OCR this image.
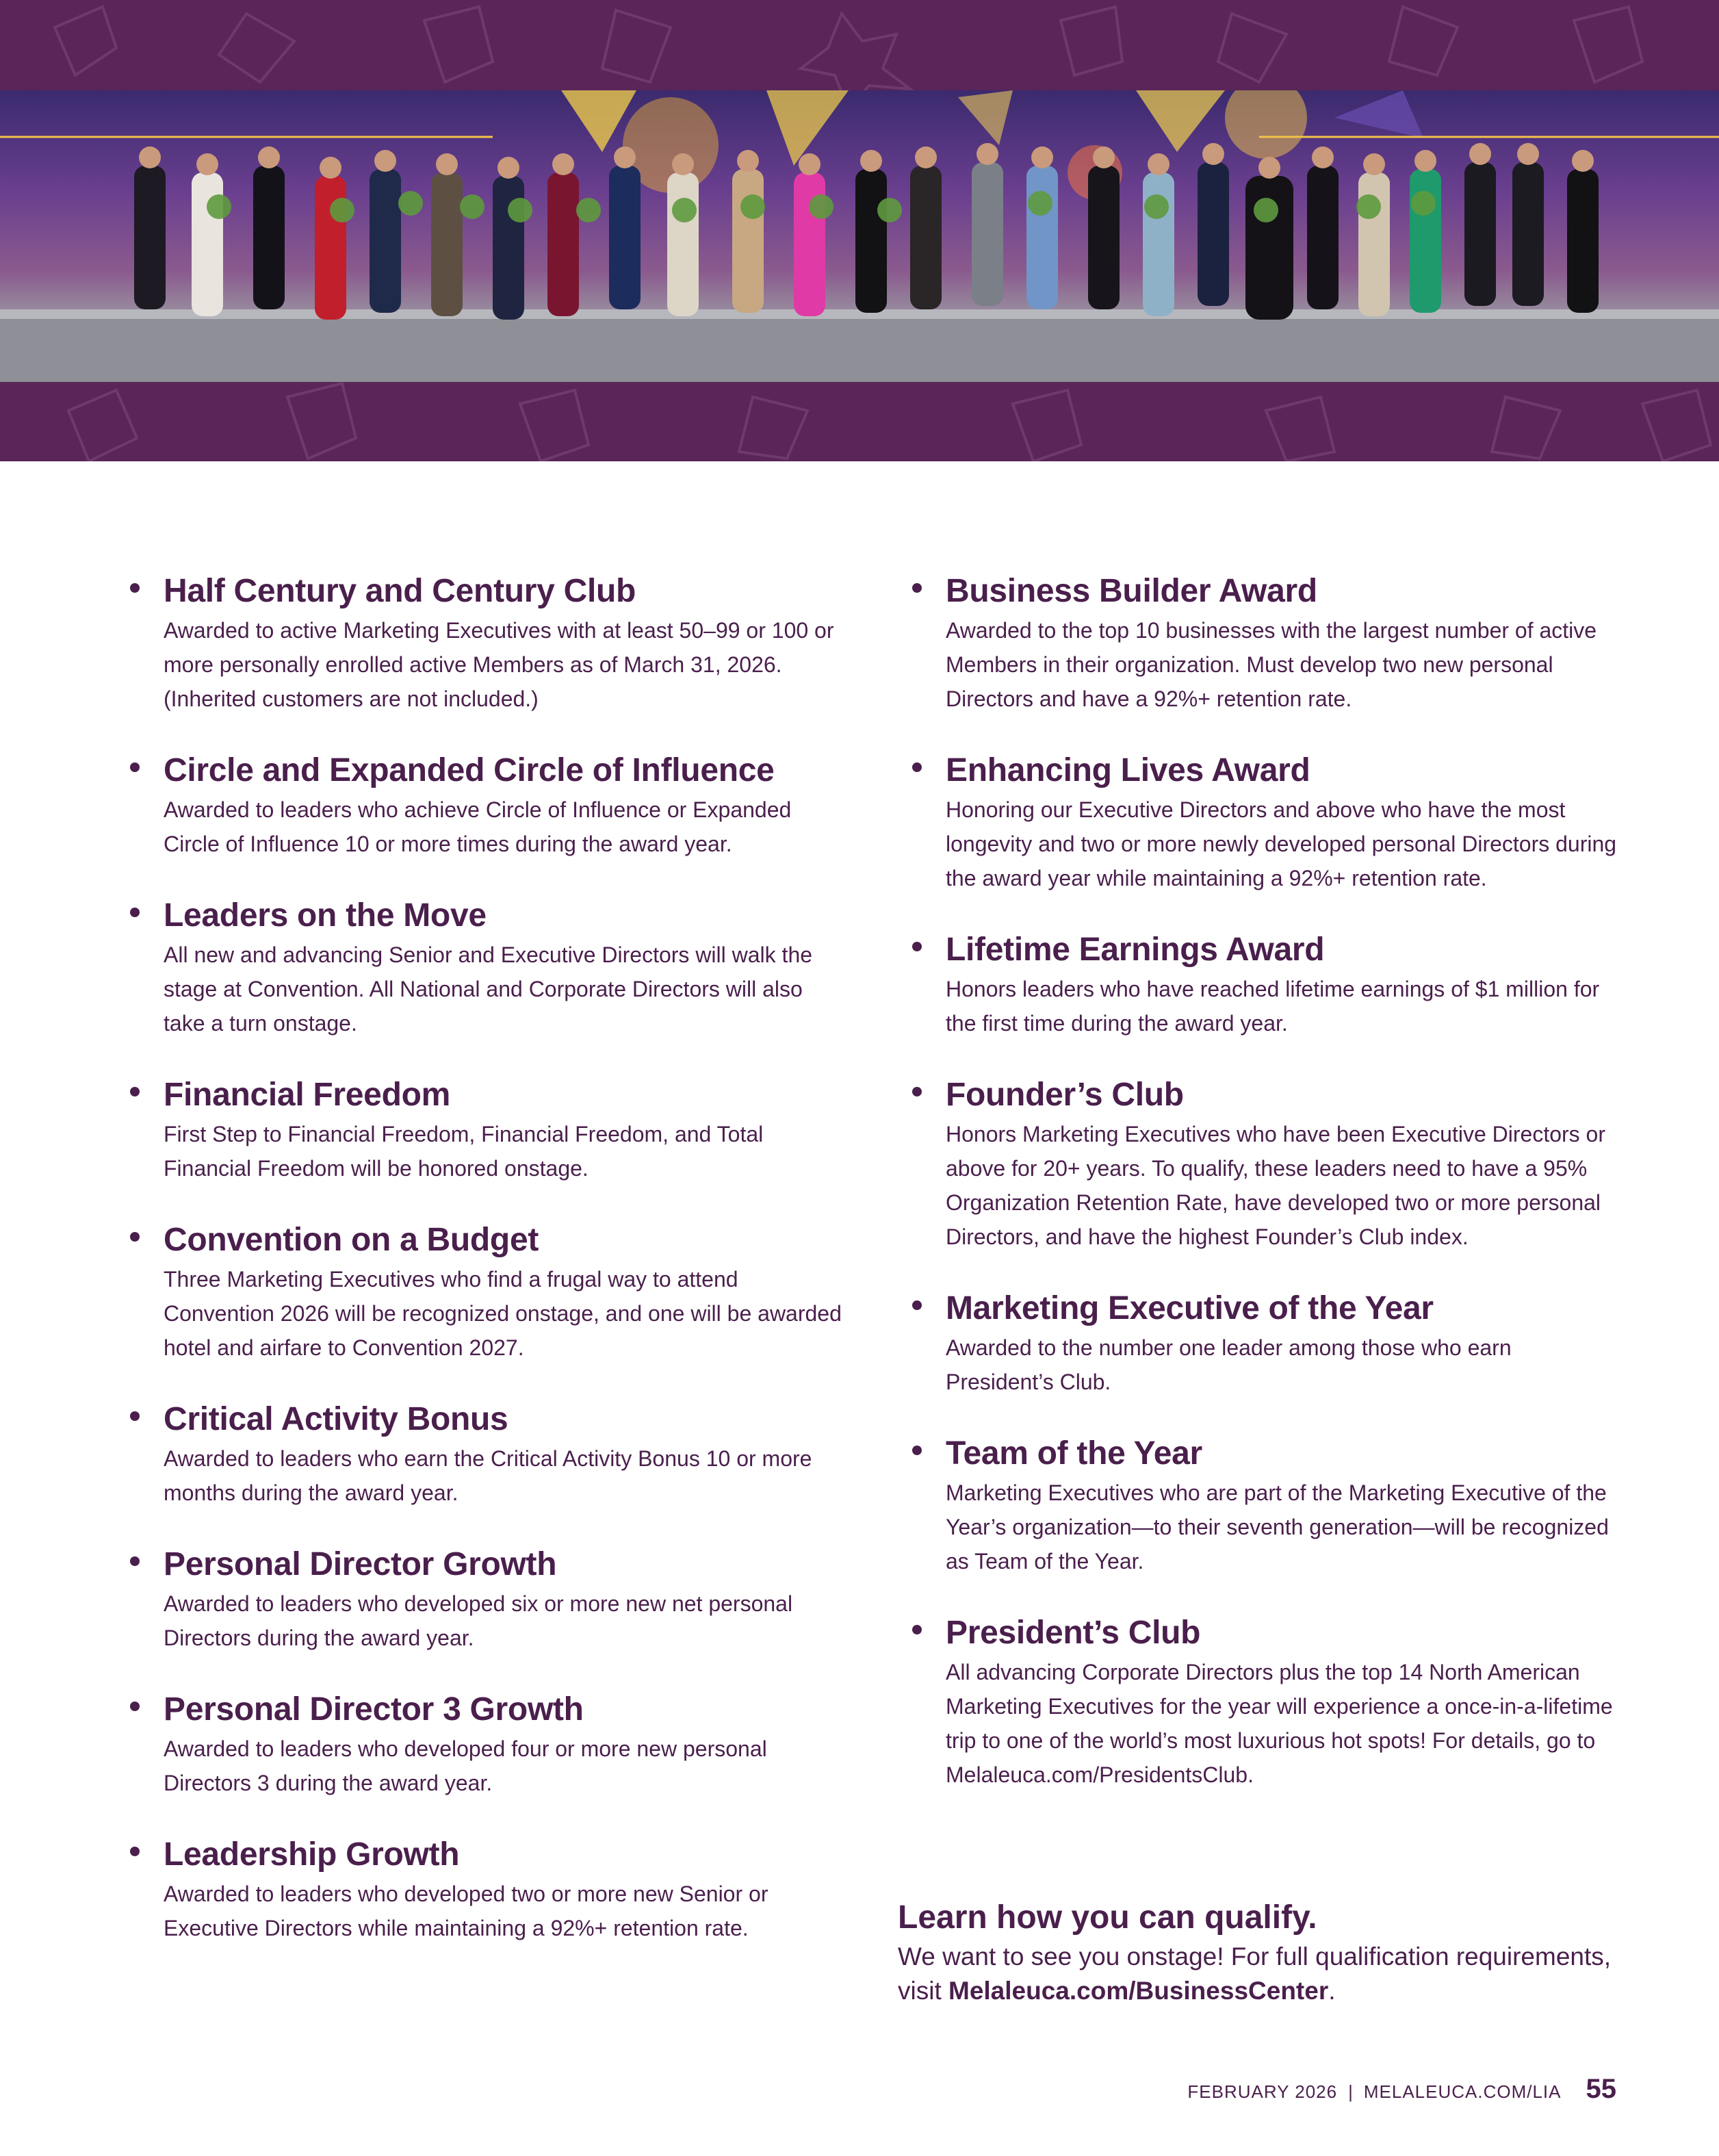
Half Century and Century Club

Awarded to active Marketing Executives with at least 50–99 or 100 or more personally enrolled active Members as of March 31, 2026. (Inherited customers are not included.)

Circle and Expanded Circle of Influence

Awarded to leaders who achieve Circle of Influence or Expanded Circle of Influence 10 or more times during the award year.

Leaders on the Move

All new and advancing Senior and Executive Directors will walk the stage at Convention. All National and Corporate Directors will also take a turn onstage.

Financial Freedom

First Step to Financial Freedom, Financial Freedom, and Total Financial Freedom will be honored onstage.

Convention on a Budget

Three Marketing Executives who find a frugal way to attend Convention 2026 will be recognized onstage, and one will be awarded hotel and airfare to Convention 2027.

Critical Activity Bonus

Awarded to leaders who earn the Critical Activity Bonus 10 or more months during the award year.

Personal Director Growth

Awarded to leaders who developed six or more new net personal Directors during the award year.

Personal Director 3 Growth

Awarded to leaders who developed four or more new personal Directors 3 during the award year.

Leadership Growth

Awarded to leaders who developed two or more new Senior or Executive Directors while maintaining a 92%+ retention rate.

Business Builder Award

Awarded to the top 10 businesses with the largest number of active Members in their organization. Must develop two new personal Directors and have a 92%+ retention rate.

Enhancing Lives Award

Honoring our Executive Directors and above who have the most longevity and two or more newly developed personal Directors during the award year while maintaining a 92%+ retention rate.

Lifetime Earnings Award

Honors leaders who have reached lifetime earnings of $1 million for the first time during the award year.

Founder’s Club

Honors Marketing Executives who have been Executive Directors or above for 20+ years. To qualify, these leaders need to have a 95% Organization Retention Rate, have developed two or more personal Directors, and have the highest Founder’s Club index.

Marketing Executive of the Year

Awarded to the number one leader among those who earn President’s Club.

Team of the Year

Marketing Executives who are part of the Marketing Executive of the Year’s organization—to their seventh generation—will be recognized as Team of the Year.

President’s Club

All advancing Corporate Directors plus the top 14 North American Marketing Executives for the year will experience a once-in-a-lifetime trip to one of the world’s most luxurious hot spots! For details, go to Melaleuca.com/PresidentsClub.

Learn how you can qualify.

We want to see you onstage! For full qualification requirements, visit Melaleuca.com/BusinessCenter.

FEBRUARY 2026 | MELALEUCA.COM/LIA 55
